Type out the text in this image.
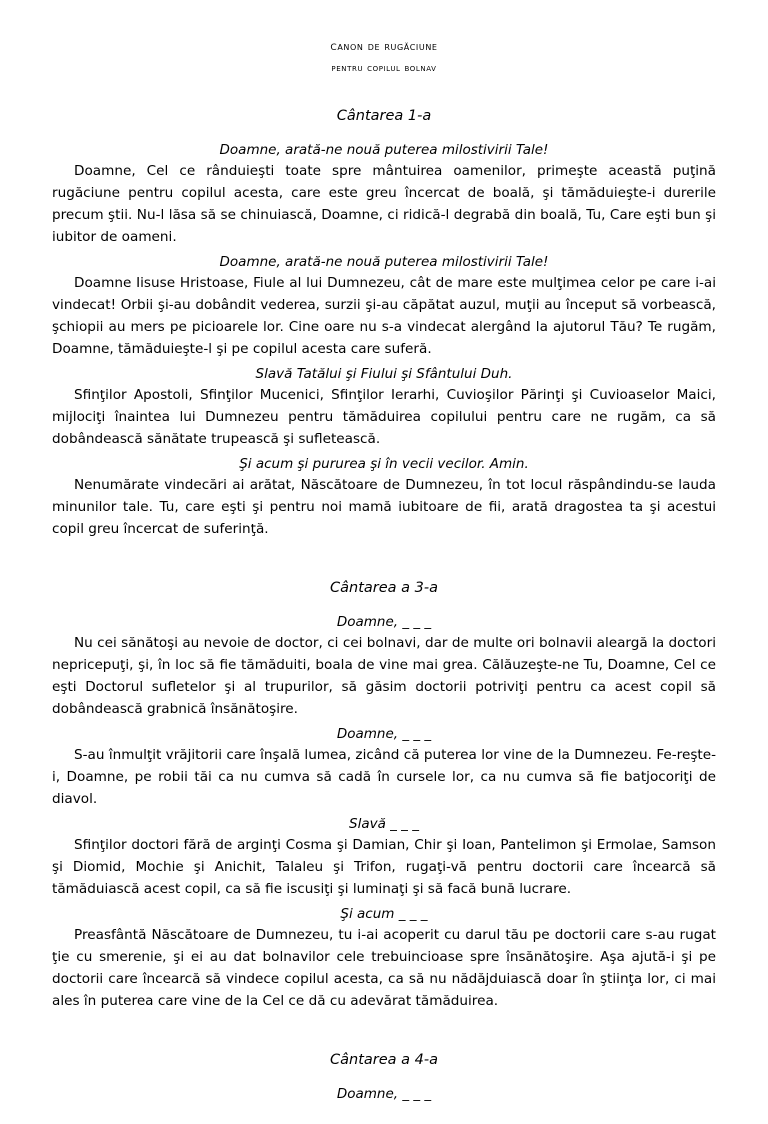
canon de rugăciune
pentru copilul bolnav
Cântarea 1-a
Doamne, arată-ne nouă puterea milostivirii Tale!

Doamne, Cel ce rânduieşti toate spre mântuirea oamenilor, primeşte această puţină rugăciune pentru copilul acesta, care este greu încercat de boală, şi tămăduieşte-i durerile precum ştii. Nu-l lăsa să se chinuiască, Doamne, ci ridică-l degrabă din boală, Tu, Care eşti bun şi iubitor de oameni.

Doamne, arată-ne nouă puterea milostivirii Tale!

Doamne Iisuse Hristoase, Fiule al lui Dumnezeu, cât de mare este mulţimea celor pe care i-ai vindecat! Orbii şi-au dobândit vederea, surzii şi-au căpătat auzul, muţii au început să vorbească, şchiopii au mers pe picioarele lor. Cine oare nu s-a vindecat alergând la ajutorul Tău? Te rugăm, Doamne, tămăduieşte-l şi pe copilul acesta care suferă.

Slavă Tatălui şi Fiului şi Sfântului Duh.

Sfinţilor Apostoli, Sfinţilor Mucenici, Sfinţilor Ierarhi, Cuvioşilor Părinţi şi Cuvioaselor Maici, mijlociţi înaintea lui Dumnezeu pentru tămăduirea copilului pentru care ne rugăm, ca să dobândească sănătate trupească şi sufletească.

Şi acum şi pururea şi în vecii vecilor. Amin.

Nenumărate vindecări ai arătat, Născătoare de Dumnezeu, în tot locul răspândindu-se lauda minunilor tale. Tu, care eşti şi pentru noi mamă iubitoare de fii, arată dragostea ta şi acestui copil greu încercat de suferinţă.

Cântarea a 3-a
Doamne, _ _ _

Nu cei sănătoşi au nevoie de doctor, ci cei bolnavi, dar de multe ori bolnavii aleargă la doctori nepricepuţi, şi, în loc să fie tămăduiti, boala de vine mai grea. Călăuzeşte-ne Tu, Doamne, Cel ce eşti Doctorul sufletelor şi al trupurilor, să găsim doctorii potriviţi pentru ca acest copil să dobândească grabnică însănătoşire.

Doamne, _ _ _

S-au înmulţit vrăjitorii care înşală lumea, zicând că puterea lor vine de la Dumnezeu. Fe-reşte-i, Doamne, pe robii tăi ca nu cumva să cadă în cursele lor, ca nu cumva să fie batjocoriţi de diavol.

Slavă _ _ _

Sfinţilor doctori fără de arginţi Cosma şi Damian, Chir şi Ioan, Pantelimon şi Ermolae, Samson şi Diomid, Mochie şi Anichit, Talaleu şi Trifon, rugaţi-vă pentru doctorii care încearcă să tămăduiască acest copil, ca să fie iscusiţi şi luminaţi şi să facă bună lucrare.

Şi acum _ _ _

Preasfântă Născătoare de Dumnezeu, tu i-ai acoperit cu darul tău pe doctorii care s-au rugat ţie cu smerenie, şi ei au dat bolnavilor cele trebuincioase spre însănătoşire. Aşa ajută-i şi pe doctorii care încearcă să vindece copilul acesta, ca să nu nădăjduiască doar în ştiinţa lor, ci mai ales în puterea care vine de la Cel ce dă cu adevărat tămăduirea.

Cântarea a 4-a
Doamne, _ _ _
